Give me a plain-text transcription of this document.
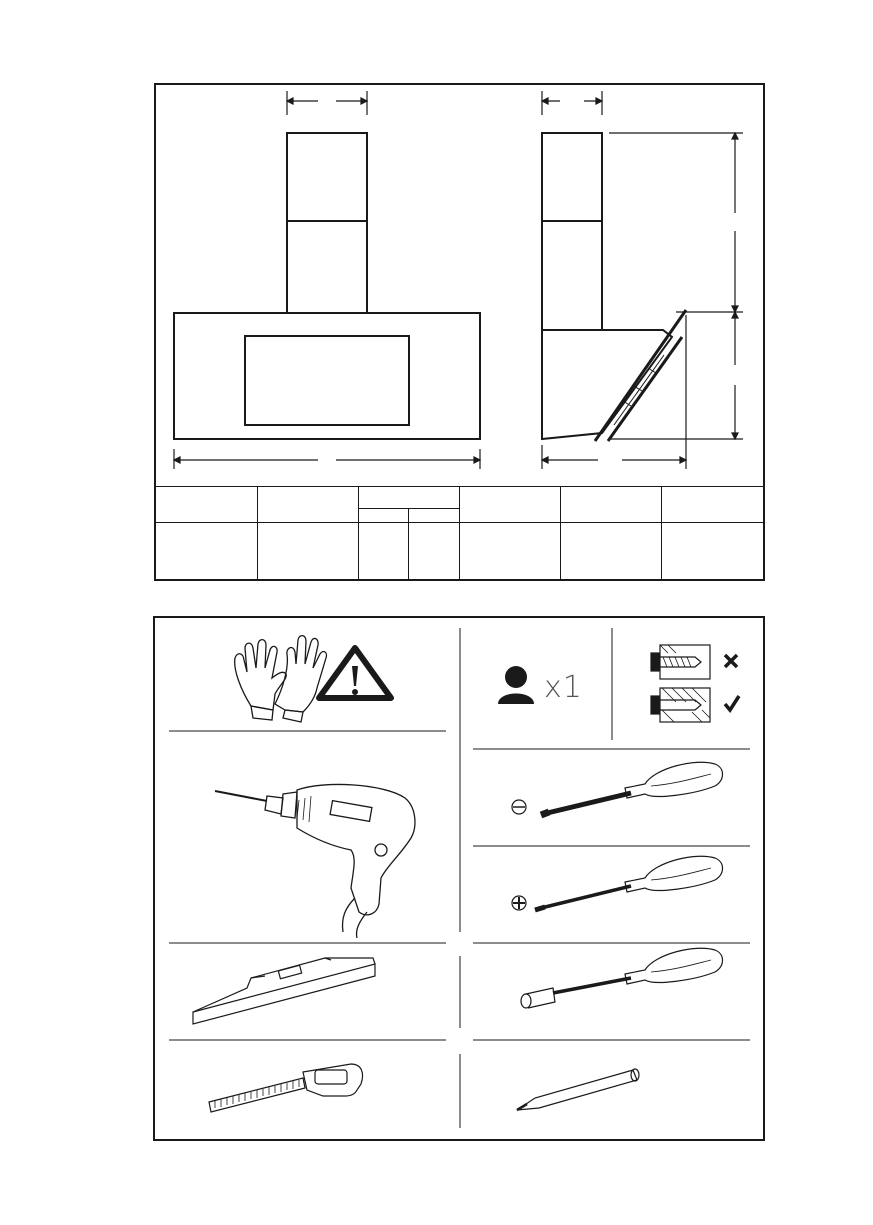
x1
